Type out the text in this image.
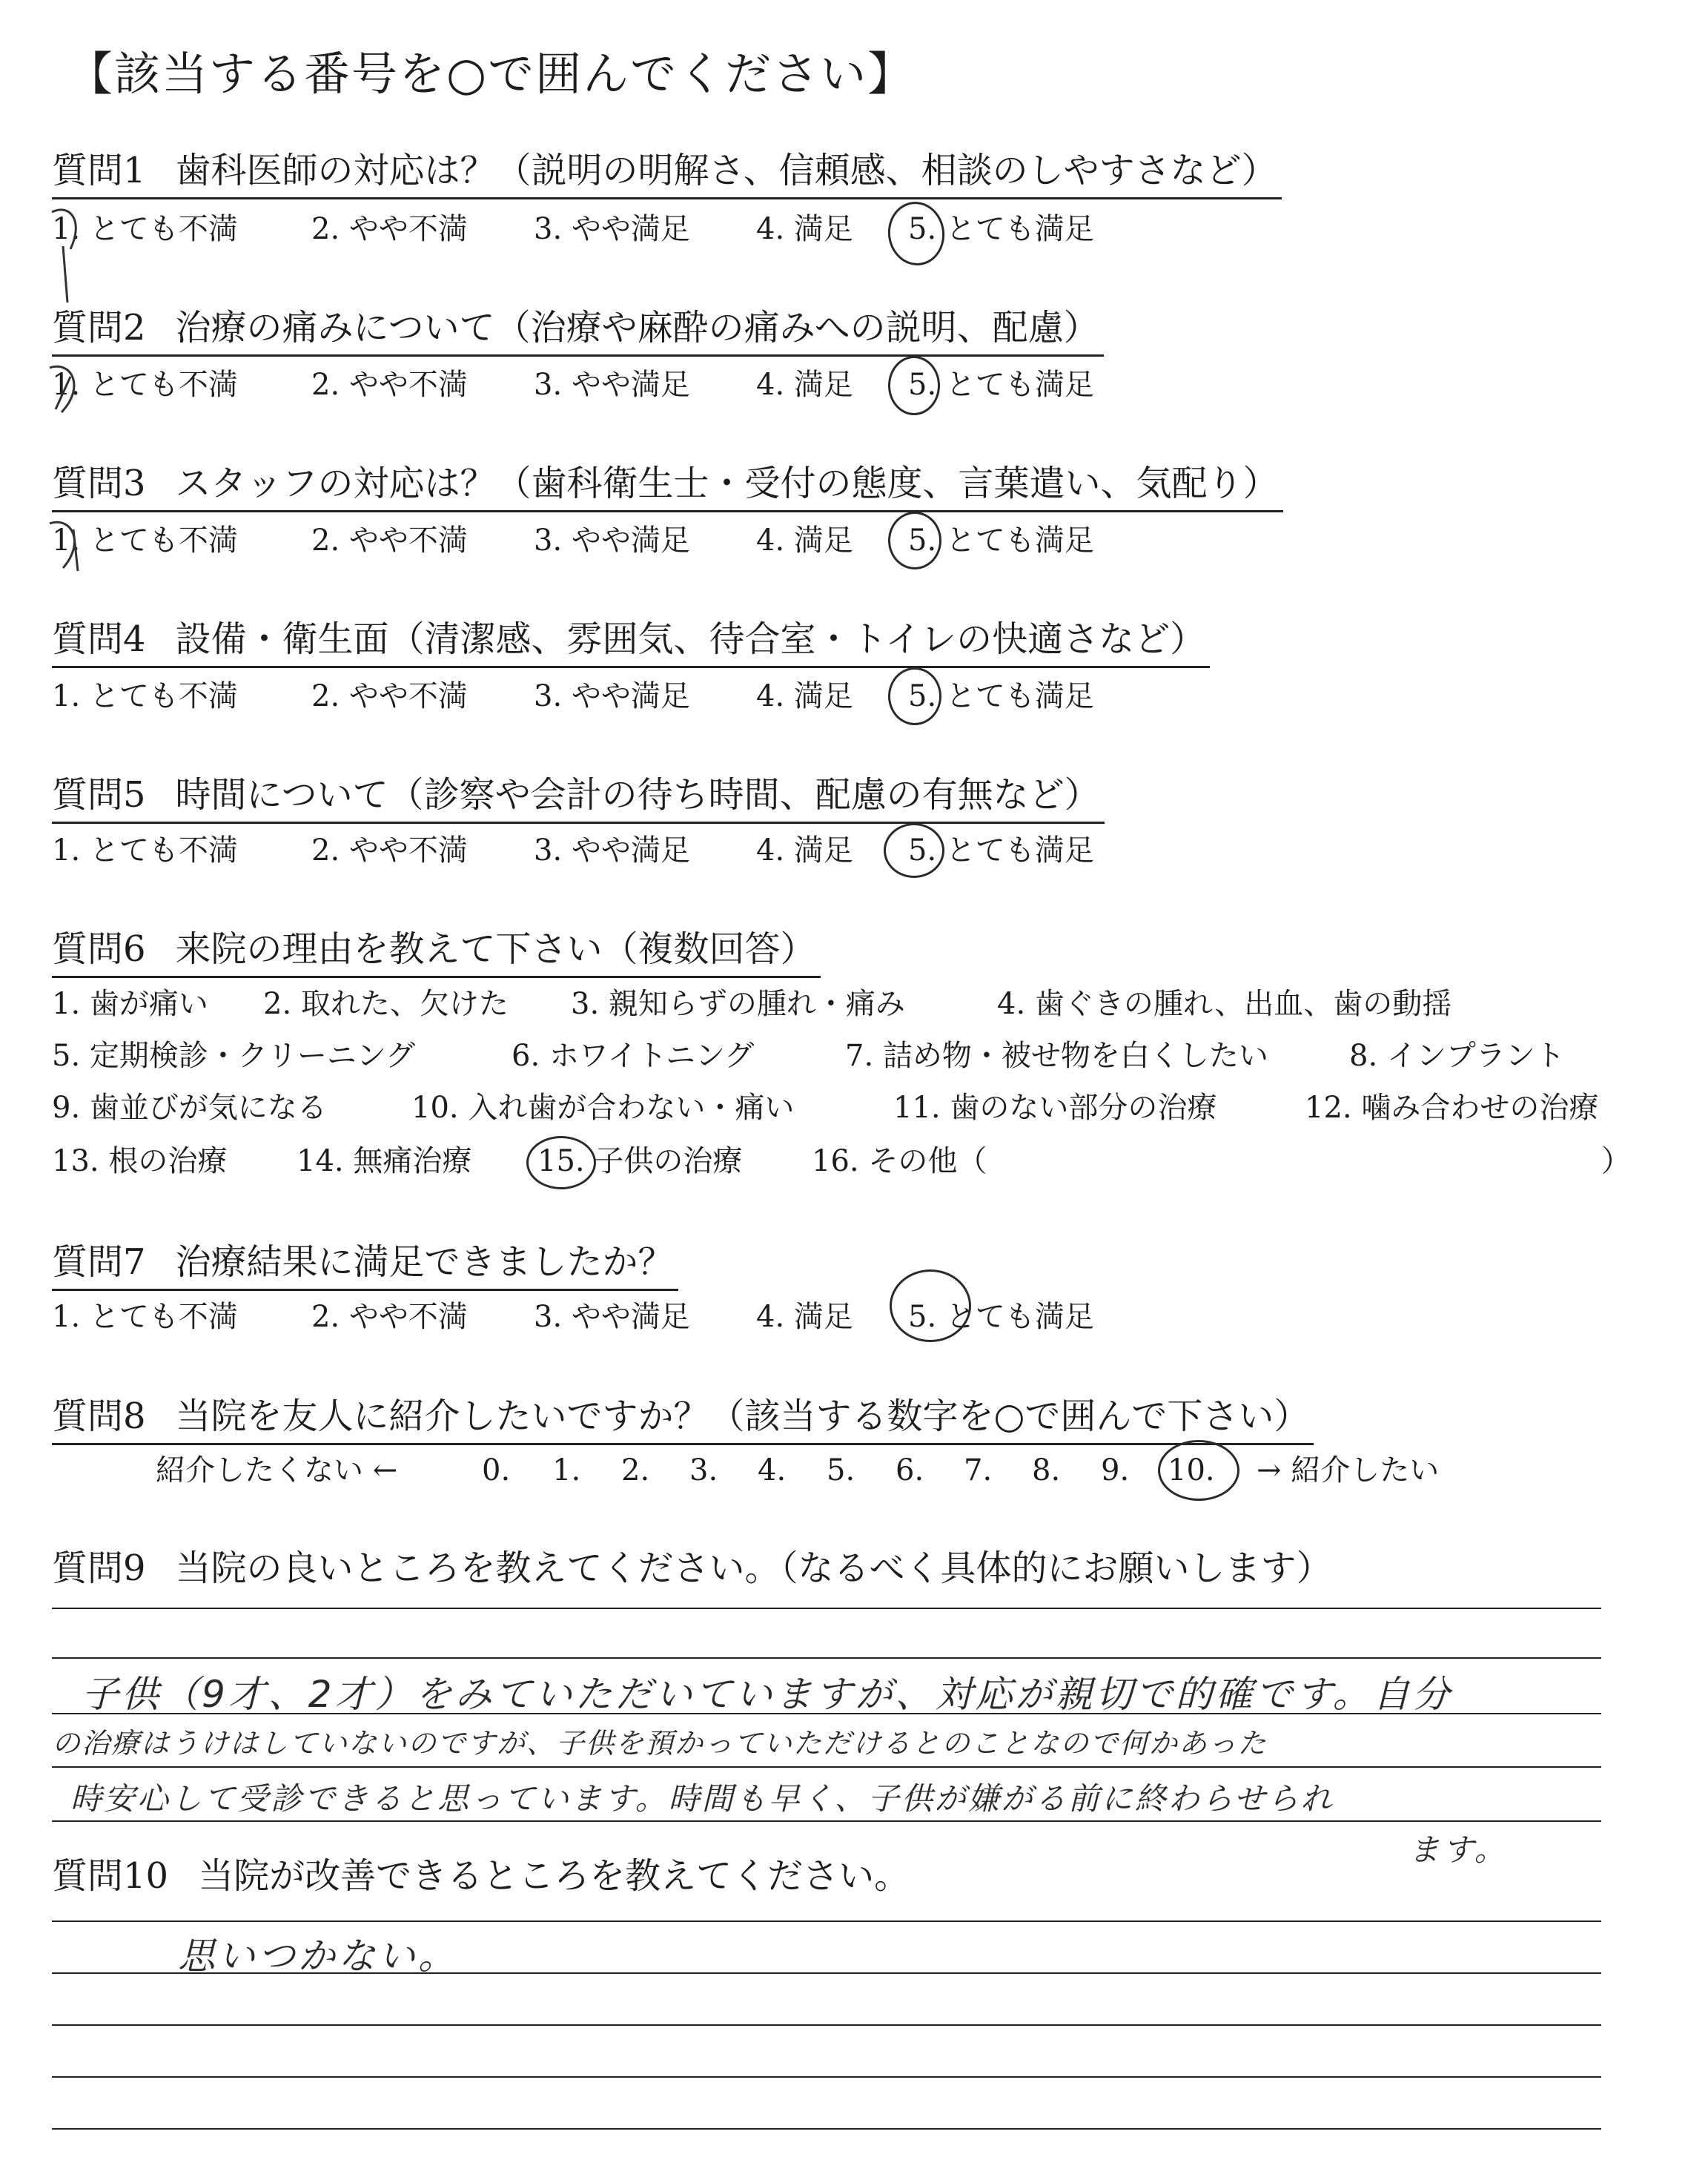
【該当する番号を○で囲んでください】
質問1 歯科医師の対応は？（説明の明解さ、信頼感、相談のしやすさなど）
質問2 治療の痛みについて（治療や麻酔の痛みへの説明、配慮）
質問3 スタッフの対応は？（歯科衛生士・受付の態度、言葉遣い、気配り）
質問4 設備・衛生面（清潔感、雰囲気、待合室・トイレの快適さなど）
質問5 時間について（診察や会計の待ち時間、配慮の有無など）
質問6 来院の理由を教えて下さい（複数回答）
質問7 治療結果に満足できましたか？
質問8 当院を友人に紹介したいですか？（該当する数字を○で囲んで下さい）
質問9 当院の良いところを教えてください。（なるべく具体的にお願いします）
質問10 当院が改善できるところを教えてください。
1. とても不満 2. やや不満 3. やや満足 4. 満足 5. とても満足
1. とても不満 2. やや不満 3. やや満足 4. 満足 5. とても満足
1. とても不満 2. やや不満 3. やや満足 4. 満足 5. とても満足
1. とても不満 2. やや不満 3. やや満足 4. 満足 5. とても満足
1. とても不満 2. やや不満 3. やや満足 4. 満足 5. とても満足
1. とても不満 2. やや不満 3. やや満足 4. 満足 5. とても満足
1. 歯が痛い 2. 取れた、欠けた 3. 親知らずの腫れ・痛み	4. 歯ぐきの腫れ、出血、歯の動揺
5. 定期検診・クリーニング	6. ホワイトニング	7. 詰め物・被せ物を白くしたい	8. インプラント
9. 歯並びが気になる	10. 入れ歯が合わない・痛い	11. 歯のない部分の治療	12. 噛み合わせの治療
13. 根の治療 14. 無痛治療 15. 子供の治療 16. その他（	）
紹介したくない ←	0. 1. 2. 3. 4. 5. 6. 7. 8. 9. 10. → 紹介したい
子供（9才、2才）をみていただいていますが、対応が親切で的確です。自分
の治療はうけはしていないのですが、子供を預かっていただけるとのことなので何かあった
時安心して受診できると思っています。時間も早く、子供が嫌がる前に終わらせられ
ます。
思いつかない。
